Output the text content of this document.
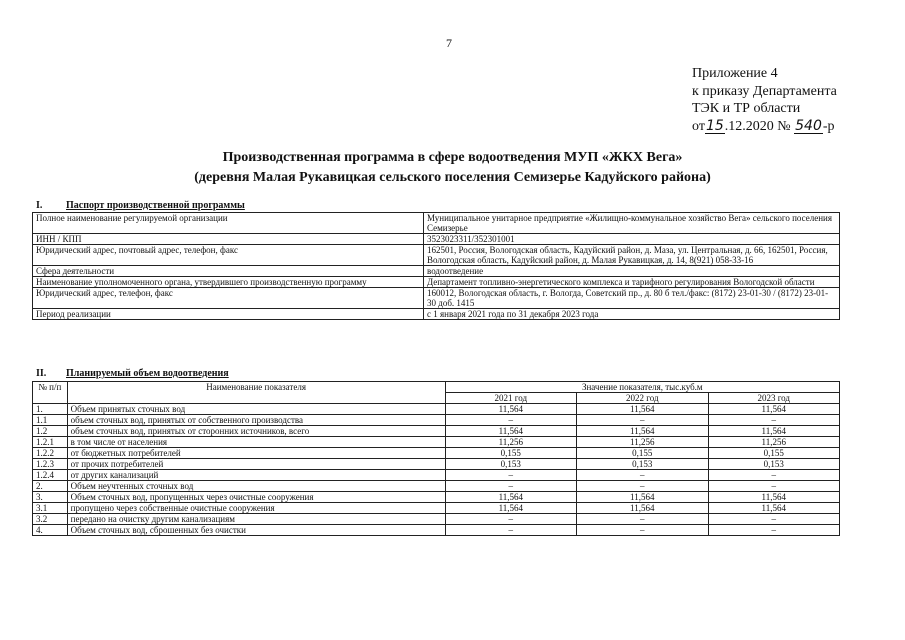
7
Приложение 4
к приказу Департамента
ТЭК и ТР области
от15.12.2020 № 540-р
Производственная программа в сфере водоотведения МУП «ЖКХ Вега»
(деревня Малая Рукавицкая сельского поселения Семизерье Кадуйского района)
I. Паспорт производственной программы
Полное наименование регулируемой организации	Муниципальное унитарное предприятие «Жилищно-коммунальное хозяйство Вега» сельского поселения Семизерье
ИНН / КПП	3523023311/352301001
Юридический адрес, почтовый адрес, телефон, факс	162501, Россия, Вологодская область, Кадуйский район, д. Маза, ул. Центральная, д. 66, 162501, Россия, Вологодская область, Кадуйский район, д. Малая Рукавицкая, д. 14, 8(921) 058-33-16
Сфера деятельности	водоотведение
Наименование уполномоченного органа, утвердившего производственную программу	Департамент топливно-энергетического комплекса и тарифного регулирования Вологодской области
Юридический адрес, телефон, факс	160012, Вологодская область, г. Вологда, Советский пр., д. 80 б тел./факс: (8172) 23-01-30 / (8172) 23-01-30 доб. 1415
Период реализации	с 1 января 2021 года по 31 декабря 2023 года
II. Планируемый объем водоотведения
№ п/п	Наименование показателя	Значение показателя, тыс.куб.м		
		2021 год	2022 год	2023 год
1.	Объем принятых сточных вод	11,564	11,564	11,564
1.1	объем сточных вод, принятых от собственного производства	–	–	–
1.2	объем сточных вод, принятых от сторонних источников, всего	11,564	11,564	11,564
1.2.1	в том числе от населения	11,256	11,256	11,256
1.2.2	от бюджетных потребителей	0,155	0,155	0,155
1.2.3	от прочих потребителей	0,153	0,153	0,153
1.2.4	от других канализаций	–	–	–
2.	Объем неучтенных сточных вод	–	–	–
3.	Объем сточных вод, пропущенных через очистные сооружения	11,564	11,564	11,564
3.1	пропущено через собственные очистные сооружения	11,564	11,564	11,564
3.2	передано на очистку другим канализациям	–	–	–
4.	Объем сточных вод, сброшенных без очистки	–	–	–
